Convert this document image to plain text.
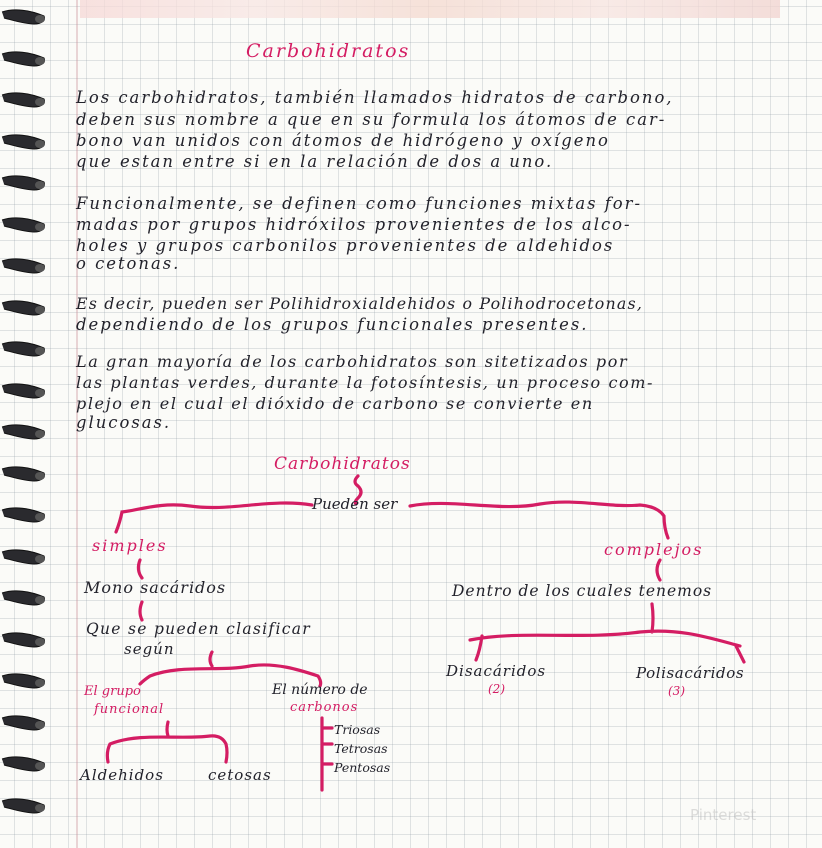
Carbohidratos
Los carbohidratos, también llamados hidratos de carbono,
deben sus nombre a que en su formula los átomos de car-
bono van unidos con átomos de hidrógeno y oxígeno
que estan entre si en la relación de dos a uno.
Funcionalmente, se definen como funciones mixtas for-
madas por grupos hidróxilos provenientes de los alco-
holes y grupos carbonilos provenientes de aldehidos
o cetonas.
Es decir, pueden ser Polihidroxialdehidos o Polihodrocetonas,
dependiendo de los grupos funcionales presentes.
La gran mayoría de los carbohidratos son sitetizados por
las plantas verdes, durante la fotosíntesis, un proceso com-
plejo en el cual el dióxido de carbono se convierte en
glucosas.
Carbohidratos
Pueden ser
simples
Mono sacáridos
Que se pueden clasificar
según
El grupo
funcional
Aldehidos	cetosas
El número de
carbonos
Triosas
Tetrosas
Pentosas
complejos
Dentro de los cuales tenemos
Disacáridos
(2)
Polisacáridos
(3)
Pinterest
